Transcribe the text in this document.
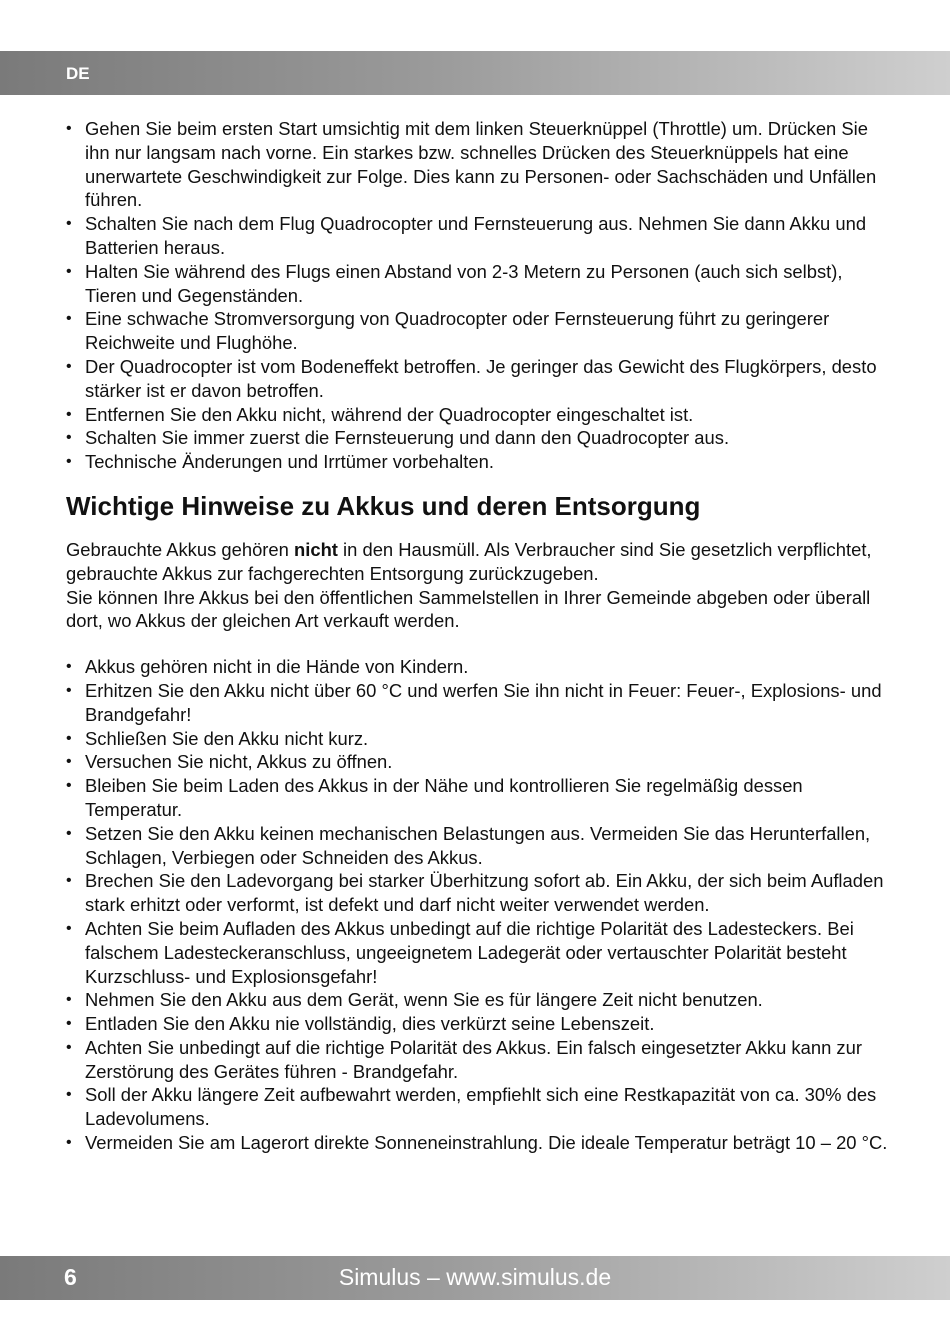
DE
• Gehen Sie beim ersten Start umsichtig mit dem linken Steuerknüppel (Throttle) um. Drücken Sie ihn nur langsam nach vorne. Ein starkes bzw. schnelles Drücken des Steuerknüppels hat eine unerwartete Geschwindigkeit zur Folge. Dies kann zu Personen- oder Sachschäden und Unfällen führen.
• Schalten Sie nach dem Flug Quadrocopter und Fernsteuerung aus. Nehmen Sie dann Akku und Batterien heraus.
• Halten Sie während des Flugs einen Abstand von 2-3 Metern zu Personen (auch sich selbst), Tieren und Gegenständen.
• Eine schwache Stromversorgung von Quadrocopter oder Fernsteuerung führt zu geringerer Reichweite und Flughöhe.
• Der Quadrocopter ist vom Bodeneffekt betroffen. Je geringer das Gewicht des Flugkörpers, desto stärker ist er davon betroffen.
• Entfernen Sie den Akku nicht, während der Quadrocopter eingeschaltet ist.
• Schalten Sie immer zuerst die Fernsteuerung und dann den Quadrocopter aus.
• Technische Änderungen und Irrtümer vorbehalten.
Wichtige Hinweise zu Akkus und deren Entsorgung

Gebrauchte Akkus gehören nicht in den Hausmüll. Als Verbraucher sind Sie gesetzlich verpflichtet, gebrauchte Akkus zur fachgerechten Entsorgung zurückzugeben.
Sie können Ihre Akkus bei den öffentlichen Sammelstellen in Ihrer Gemeinde abgeben oder überall dort, wo Akkus der gleichen Art verkauft werden.

• Akkus gehören nicht in die Hände von Kindern.
• Erhitzen Sie den Akku nicht über 60 °C und werfen Sie ihn nicht in Feuer: Feuer-, Explosions- und Brandgefahr!
• Schließen Sie den Akku nicht kurz.
• Versuchen Sie nicht, Akkus zu öffnen.
• Bleiben Sie beim Laden des Akkus in der Nähe und kontrollieren Sie regelmäßig dessen Temperatur.
• Setzen Sie den Akku keinen mechanischen Belastungen aus. Vermeiden Sie das Herunterfallen, Schlagen, Verbiegen oder Schneiden des Akkus.
• Brechen Sie den Ladevorgang bei starker Überhitzung sofort ab. Ein Akku, der sich beim Aufladen stark erhitzt oder verformt, ist defekt und darf nicht weiter verwendet werden.
• Achten Sie beim Aufladen des Akkus unbedingt auf die richtige Polarität des Ladesteckers. Bei falschem Ladesteckeranschluss, ungeeignetem Ladegerät oder vertauschter Polarität besteht Kurzschluss- und Explosionsgefahr!
• Nehmen Sie den Akku aus dem Gerät, wenn Sie es für längere Zeit nicht benutzen.
• Entladen Sie den Akku nie vollständig, dies verkürzt seine Lebenszeit.
• Achten Sie unbedingt auf die richtige Polarität des Akkus. Ein falsch eingesetzter Akku kann zur Zerstörung des Gerätes führen - Brandgefahr.
• Soll der Akku längere Zeit aufbewahrt werden, empfiehlt sich eine Restkapazität von ca. 30% des Ladevolumens.
• Vermeiden Sie am Lagerort direkte Sonneneinstrahlung. Die ideale Temperatur beträgt 10 – 20 °C.
6	Simulus – www.simulus.de
